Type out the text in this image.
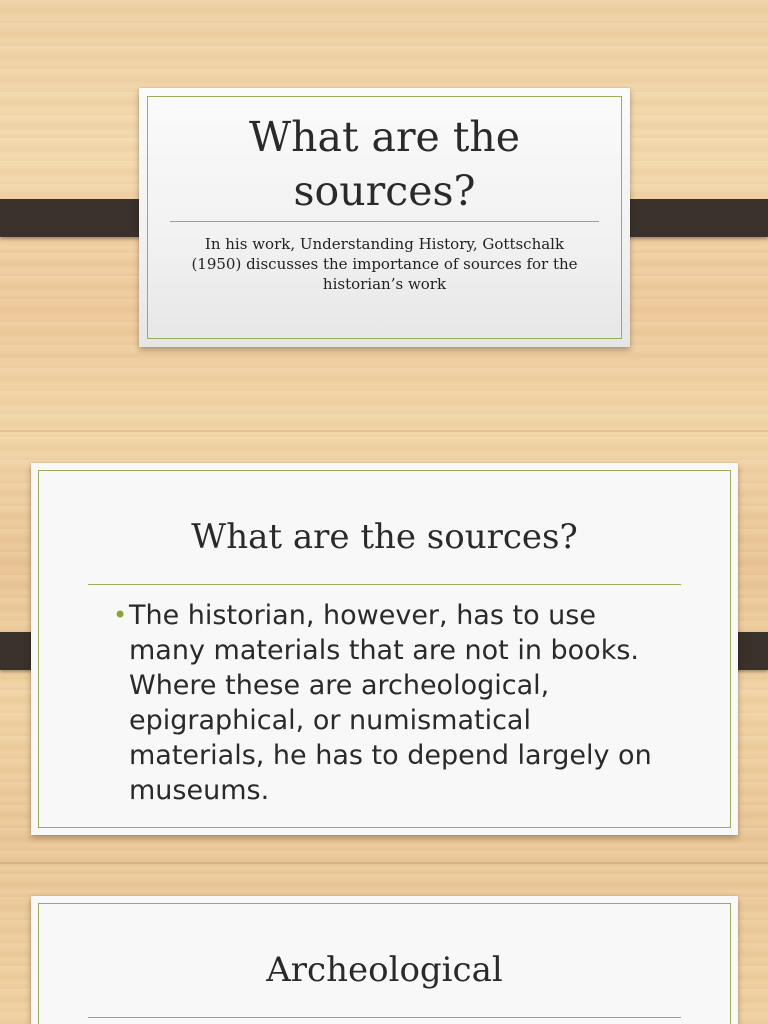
What are the sources?

In his work, Understanding History, Gottschalk (1950) discusses the importance of sources for the historian’s work

What are the sources?
• The historian, however, has to use many materials that are not in books. Where these are archeological, epigraphical, or numismatical materials, he has to depend largely on museums.

Archeological
